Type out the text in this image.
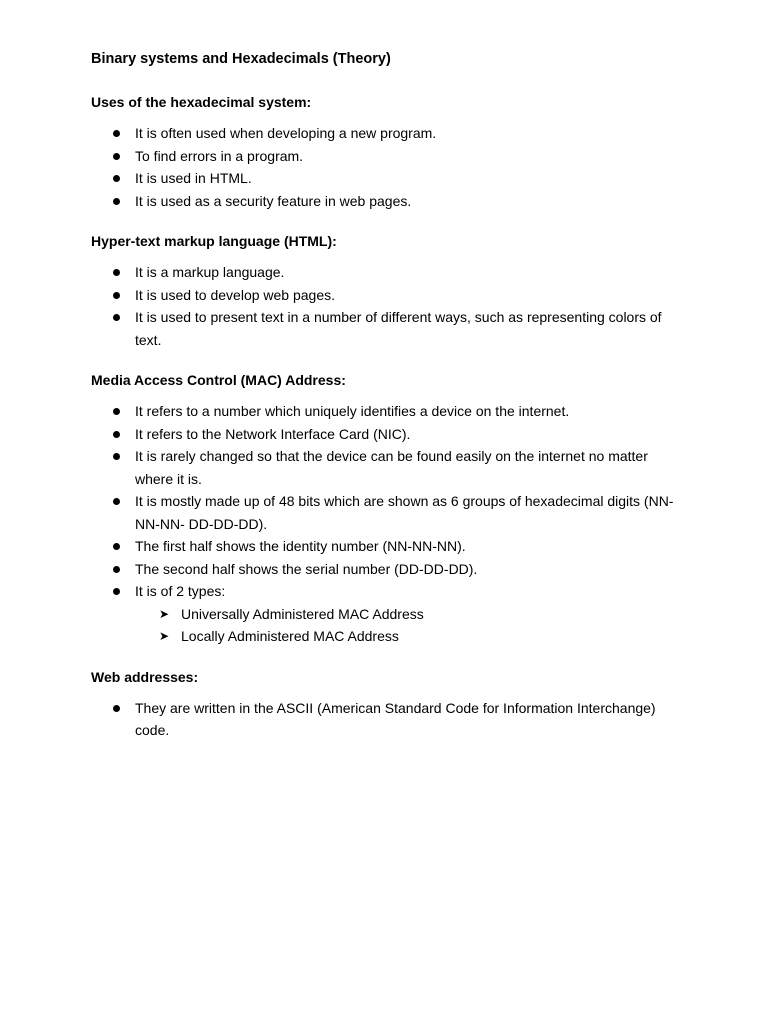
Binary systems and Hexadecimals (Theory)

Uses of the hexadecimal system:

It is often used when developing a new program.
To find errors in a program.
It is used in HTML.
It is used as a security feature in web pages.

Hyper-text markup language (HTML):

It is a markup language.
It is used to develop web pages.
It is used to present text in a number of different ways, such as representing colors of text.

Media Access Control (MAC) Address:

It refers to a number which uniquely identifies a device on the internet.
It refers to the Network Interface Card (NIC).
It is rarely changed so that the device can be found easily on the internet no matter where it is.
It is mostly made up of 48 bits which are shown as 6 groups of hexadecimal digits (NN-NN-NN- DD-DD-DD).
The first half shows the identity number (NN-NN-NN).
The second half shows the serial number (DD-DD-DD).
It is of 2 types:
➤ Universally Administered MAC Address
➤ Locally Administered MAC Address

Web addresses:

They are written in the ASCII (American Standard Code for Information Interchange) code.
